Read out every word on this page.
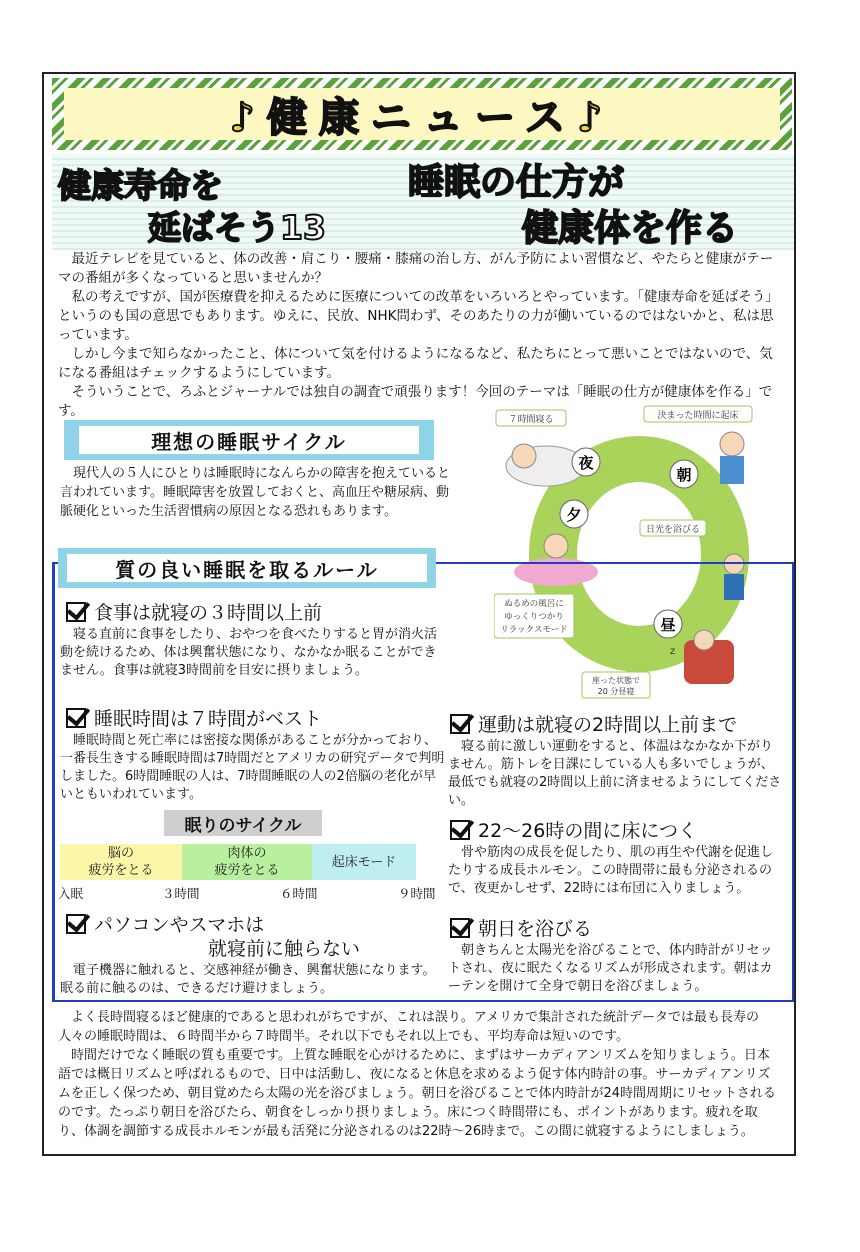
♪健康ニュース♪
健康寿命を
延ばそう13
睡眠の仕方が
健康体を作る

最近テレビを見ていると、体の改善・肩こり・腰痛・膝痛の治し方、がん予防によい習慣など、やたらと健康がテーマの番組が多くなっていると思いませんか？

私の考えですが、国が医療費を抑えるために医療についての改革をいろいろとやっています。「健康寿命を延ばそう」というのも国の意思でもあります。ゆえに、民放、NHK問わず、そのあたりの力が働いているのではないかと、私は思っています。

しかし今まで知らなかったこと、体について気を付けるようになるなど、私たちにとって悪いことではないので、気になる番組はチェックするようにしています。

そういうことで、ろふとジャーナルでは独自の調査で頑張ります！今回のテーマは「睡眠の仕方が健康体を作る」です。

理想の睡眠サイクル

現代人の５人にひとりは睡眠時になんらかの障害を抱えていると言われています。睡眠障害を放置しておくと、高血圧や糖尿病、動脈硬化といった生活習慣病の原因となる恐れもあります。

７時間寝る	決まった時間に起床
日光を浴びる
ぬるめの風呂に
ゆっくりつかり
リラックスモード
座った状態で
20 分昼寝
夜
朝
夕
昼
z
質の良い睡眠を取るルール
食事は就寝の３時間以上前

寝る直前に食事をしたり、おやつを食べたりすると胃が消火活動を続けるため、体は興奮状態になり、なかなか眠ることができません。食事は就寝3時間前を目安に摂りましょう。

睡眠時間は７時間がベスト

睡眠時間と死亡率には密接な関係があることが分かっており、一番長生きする睡眠時間は7時間だとアメリカの研究データで判明しました。6時間睡眠の人は、7時間睡眠の人の2倍脳の老化が早いともいわれています。

眠りのサイクル
脳の
疲労をとる
肉体の
疲労をとる
起床モード
入眠	３時間	６時間	９時間
パソコンやスマホは
就寝前に触らない

電子機器に触れると、交感神経が働き、興奮状態になります。眠る前に触るのは、できるだけ避けましょう。

運動は就寝の2時間以上前まで

寝る前に激しい運動をすると、体温はなかなか下がりません。筋トレを日課にしている人も多いでしょうが、最低でも就寝の2時間以上前に済ませるようにしてください。

22～26時の間に床につく

骨や筋肉の成長を促したり、肌の再生や代謝を促進したりする成長ホルモン。この時間帯に最も分泌されるので、夜更かしせず、22時には布団に入りましょう。

朝日を浴びる

朝きちんと太陽光を浴びることで、体内時計がリセットされ、夜に眠たくなるリズムが形成されます。朝はカーテンを開けて全身で朝日を浴びましょう。

よく長時間寝るほど健康的であると思われがちですが、これは誤り。アメリカで集計された統計データでは最も長寿の人々の睡眠時間は、６時間半から７時間半。それ以下でもそれ以上でも、平均寿命は短いのです。

時間だけでなく睡眠の質も重要です。上質な睡眠を心がけるために、まずはサーカディアンリズムを知りましょう。日本語では概日リズムと呼ばれるもので、日中は活動し、夜になると休息を求めるよう促す体内時計の事。サーカディアンリズムを正しく保つため、朝目覚めたら太陽の光を浴びましょう。朝日を浴びることで体内時計が24時間周期にリセットされるのです。たっぷり朝日を浴びたら、朝食をしっかり摂りましょう。床につく時間帯にも、ポイントがあります。疲れを取り、体調を調節する成長ホルモンが最も活発に分泌されるのは22時～26時まで。この間に就寝するようにしましょう。
